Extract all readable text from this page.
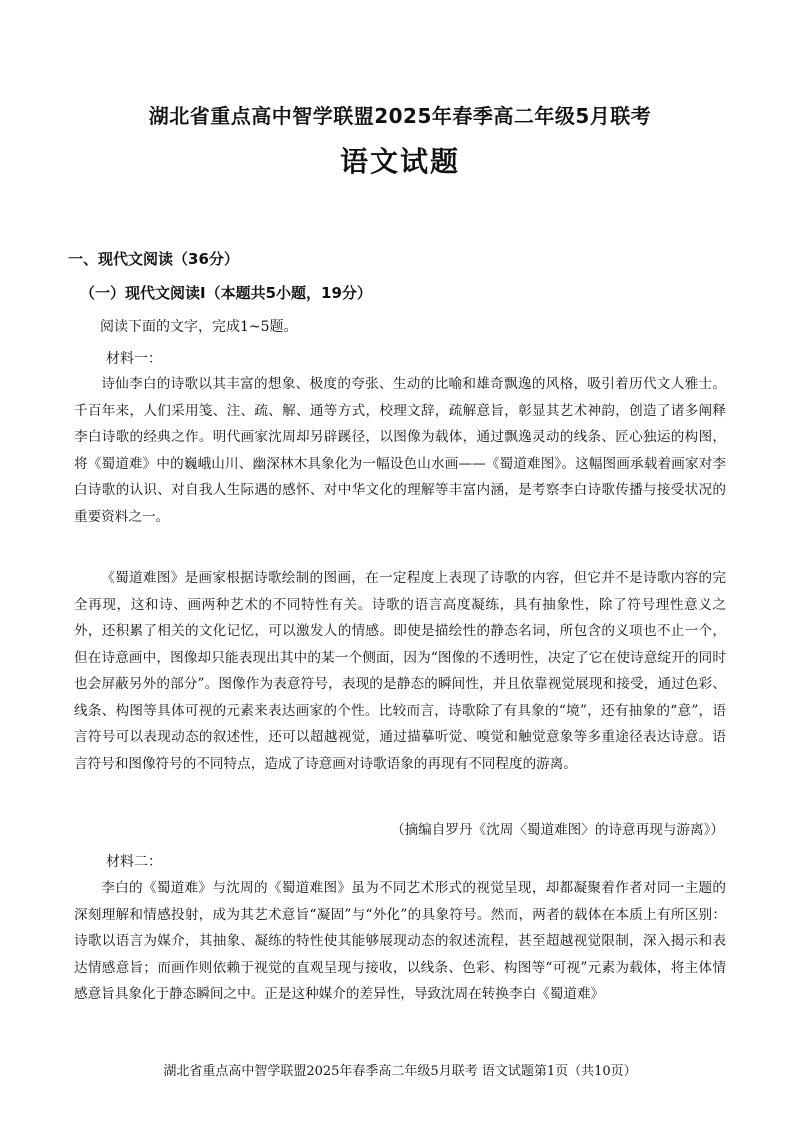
湖北省重点高中智学联盟2025年春季高二年级5月联考
语文试题
一、现代文阅读（36分）
（一）现代文阅读Ⅰ（本题共5小题，19分）
阅读下面的文字，完成1~5题。
材料一：

诗仙李白的诗歌以其丰富的想象、极度的夸张、生动的比喻和雄奇飘逸的风格，吸引着历代文人雅士。千百年来，人们采用笺、注、疏、解、通等方式，校理文辞，疏解意旨，彰显其艺术神韵，创造了诸多阐释李白诗歌的经典之作。明代画家沈周却另辟蹊径，以图像为载体，通过飘逸灵动的线条、匠心独运的构图，将《蜀道难》中的巍峨山川、幽深林木具象化为一幅设色山水画——《蜀道难图》。这幅图画承载着画家对李白诗歌的认识、对自我人生际遇的感怀、对中华文化的理解等丰富内涵，是考察李白诗歌传播与接受状况的重要资料之一。

《蜀道难图》是画家根据诗歌绘制的图画，在一定程度上表现了诗歌的内容，但它并不是诗歌内容的完全再现，这和诗、画两种艺术的不同特性有关。诗歌的语言高度凝练，具有抽象性，除了符号理性意义之外，还积累了相关的文化记忆，可以激发人的情感。即使是描绘性的静态名词，所包含的义项也不止一个，但在诗意画中，图像却只能表现出其中的某一个侧面，因为“图像的不透明性，决定了它在使诗意绽开的同时也会屏蔽另外的部分”。图像作为表意符号，表现的是静态的瞬间性，并且依靠视觉展现和接受，通过色彩、线条、构图等具体可视的元素来表达画家的个性。比较而言，诗歌除了有具象的“境”，还有抽象的“意”，语言符号可以表现动态的叙述性，还可以超越视觉，通过描摹听觉、嗅觉和触觉意象等多重途径表达诗意。语言符号和图像符号的不同特点，造成了诗意画对诗歌语象的再现有不同程度的游离。

（摘编自罗丹《沈周〈蜀道难图〉的诗意再现与游离》）
材料二：

李白的《蜀道难》与沈周的《蜀道难图》虽为不同艺术形式的视觉呈现，却都凝聚着作者对同一主题的深刻理解和情感投射，成为其艺术意旨“凝固”与“外化”的具象符号。然而，两者的载体在本质上有所区别：诗歌以语言为媒介，其抽象、凝练的特性使其能够展现动态的叙述流程，甚至超越视觉限制，深入揭示和表达情感意旨；而画作则依赖于视觉的直观呈现与接收，以线条、色彩、构图等“可视”元素为载体，将主体情感意旨具象化于静态瞬间之中。正是这种媒介的差异性，导致沈周在转换李白《蜀道难》

湖北省重点高中智学联盟2025年春季高二年级5月联考 语文试题第1页（共10页）
